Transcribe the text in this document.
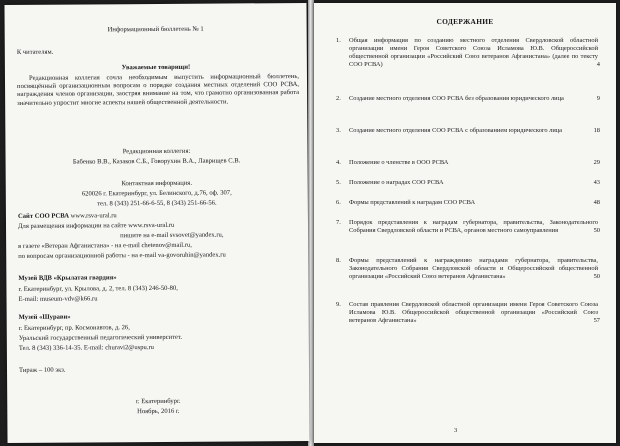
Информационный бюллетень № 1
К читателям.
Уважаемые товарищи!
Редакционная коллегия сочла необходимым выпустить информационный бюллетень, посвящённый организационным вопросам о порядке создания местных отделений СОО РСВА, награждения членов организации, заостряя внимание на том, что грамотно организованная работа значительно упростит многие аспекты нашей общественной деятельности.
Редакционная коллегия:
Бабенко В.В., Казаков С.Б., Говорухин В.А., Лаврищев С.В.
Контактная информация.
620026 г. Екатеринбург, ул. Белинского, д.76, оф. 307,
тел. 8 (343) 251-66-6-55, 8 (343) 251-66-56.
Сайт СОО РСВА www.rsva-ural.ru
Для размещения информации на сайте www.rsva-ural.ru
пишите на e-mail svsovet@yandex.ru,
в газете «Ветеран Афганистана» - на e-mail chetenov@mail.ru,
по вопросам организационной работы - на e-mail va-govoruhin@yandex.ru
Музей ВДВ «Крылатая гвардия»
г. Екатеринбург, ул. Крылова, д. 2, тел. 8 (343) 246-50-80,
E-mail: museum-vdv@k66.ru
Музей «Шурави»
г. Екатеринбург, пр. Космонавтов, д. 26,
Уральский государственный педагогический университет.
Тел. 8 (343) 336-14-35. E-mail: churavi2@uspu.ru
Тираж – 100 экз.
г. Екатеринбург.
Ноябрь, 2016 г.
СОДЕРЖАНИЕ
1.	Общая информация по созданию местного отделения Свердловской областной организации имени Героя Советского Союза Исламова Ю.В. Общероссийской общественной организации «Российский Союз ветеранов Афганистана» (далее по тексту СОО РСВА)	4
2.	Создание местного отделения СОО РСВА без образования юридического лица	9
3.	Создание местного отделения СОО РСВА с образованием юридического лица	18
4.	Положение о членстве в ООО РСВА	29
5.	Положение о наградах СОО РСВА	43
6.	Формы представлений к наградам СОО РСВА	48
7.	Порядок представления к наградам губернатора, правительства, Законодательного Собрания Свердловской области и РСВА, органов местного самоуправления	50
8.	Формы представлений к награждению наградами губернатора, правительства, Законодательного Собрания Свердловской области и Общероссийской общественной организации «Российский Союз ветеранов Афганистана»	50
9.	Состав правления Свердловской областной организации имени Героя Советского Союза Исламова Ю.В. Общероссийской общественной организации «Российский Союз ветеранов Афганистана»	57
3
